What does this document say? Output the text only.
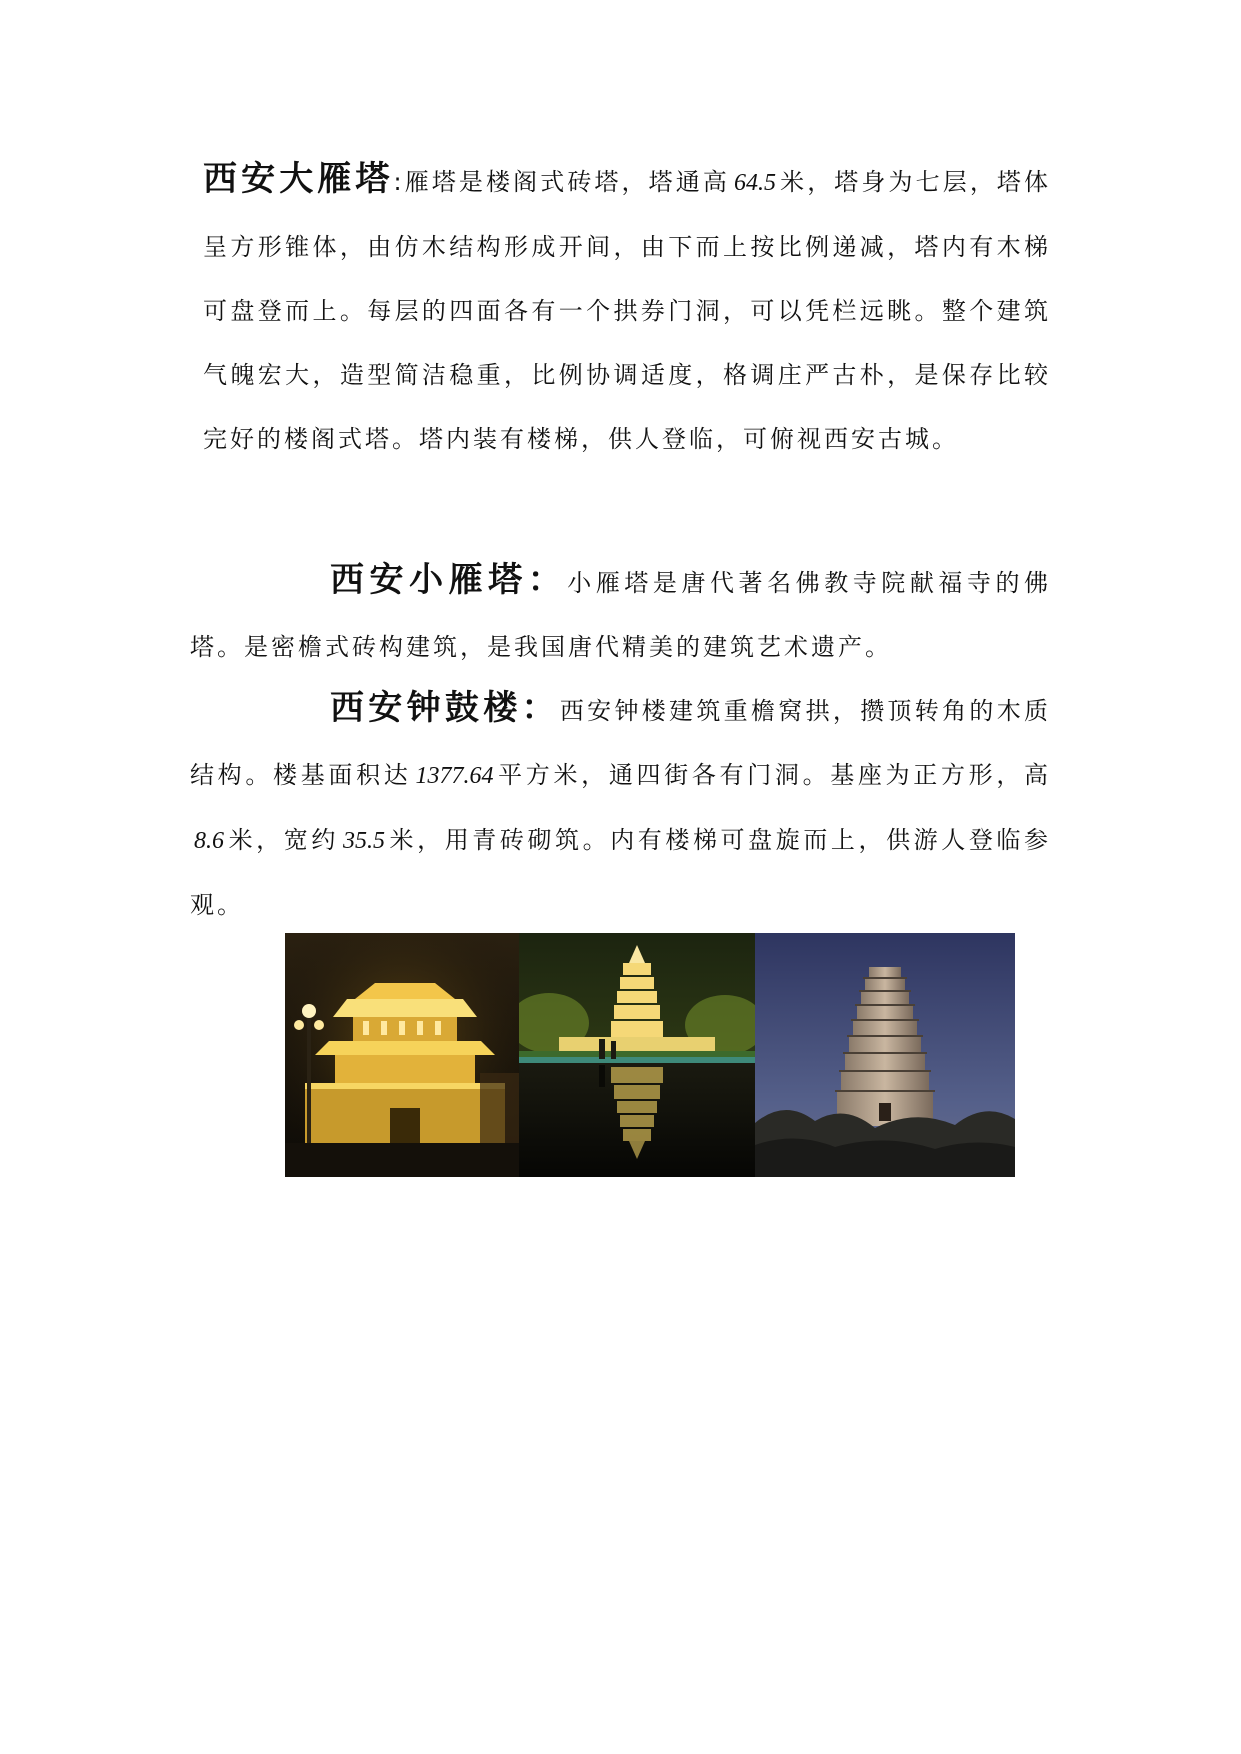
西安大雁塔:雁塔是楼阁式砖塔，塔通高 64.5 米，塔身为七层，塔体呈方形锥体，由仿木结构形成开间，由下而上按比例递减，塔内有木梯可盘登而上。每层的四面各有一个拱券门洞，可以凭栏远眺。整个建筑气魄宏大，造型简洁稳重，比例协调适度，格调庄严古朴，是保存比较完好的楼阁式塔。塔内装有楼梯，供人登临，可俯视西安古城。

西安小雁塔：小雁塔是唐代著名佛教寺院献福寺的佛塔。是密檐式砖构建筑，是我国唐代精美的建筑艺术遗产。

西安钟鼓楼：西安钟楼建筑重檐窝拱，攒顶转角的木质结构。楼基面积达 1377.64 平方米，通四街各有门洞。基座为正方形，高8.6 米，宽约 35.5 米，用青砖砌筑。内有楼梯可盘旋而上，供游人登临参观。
